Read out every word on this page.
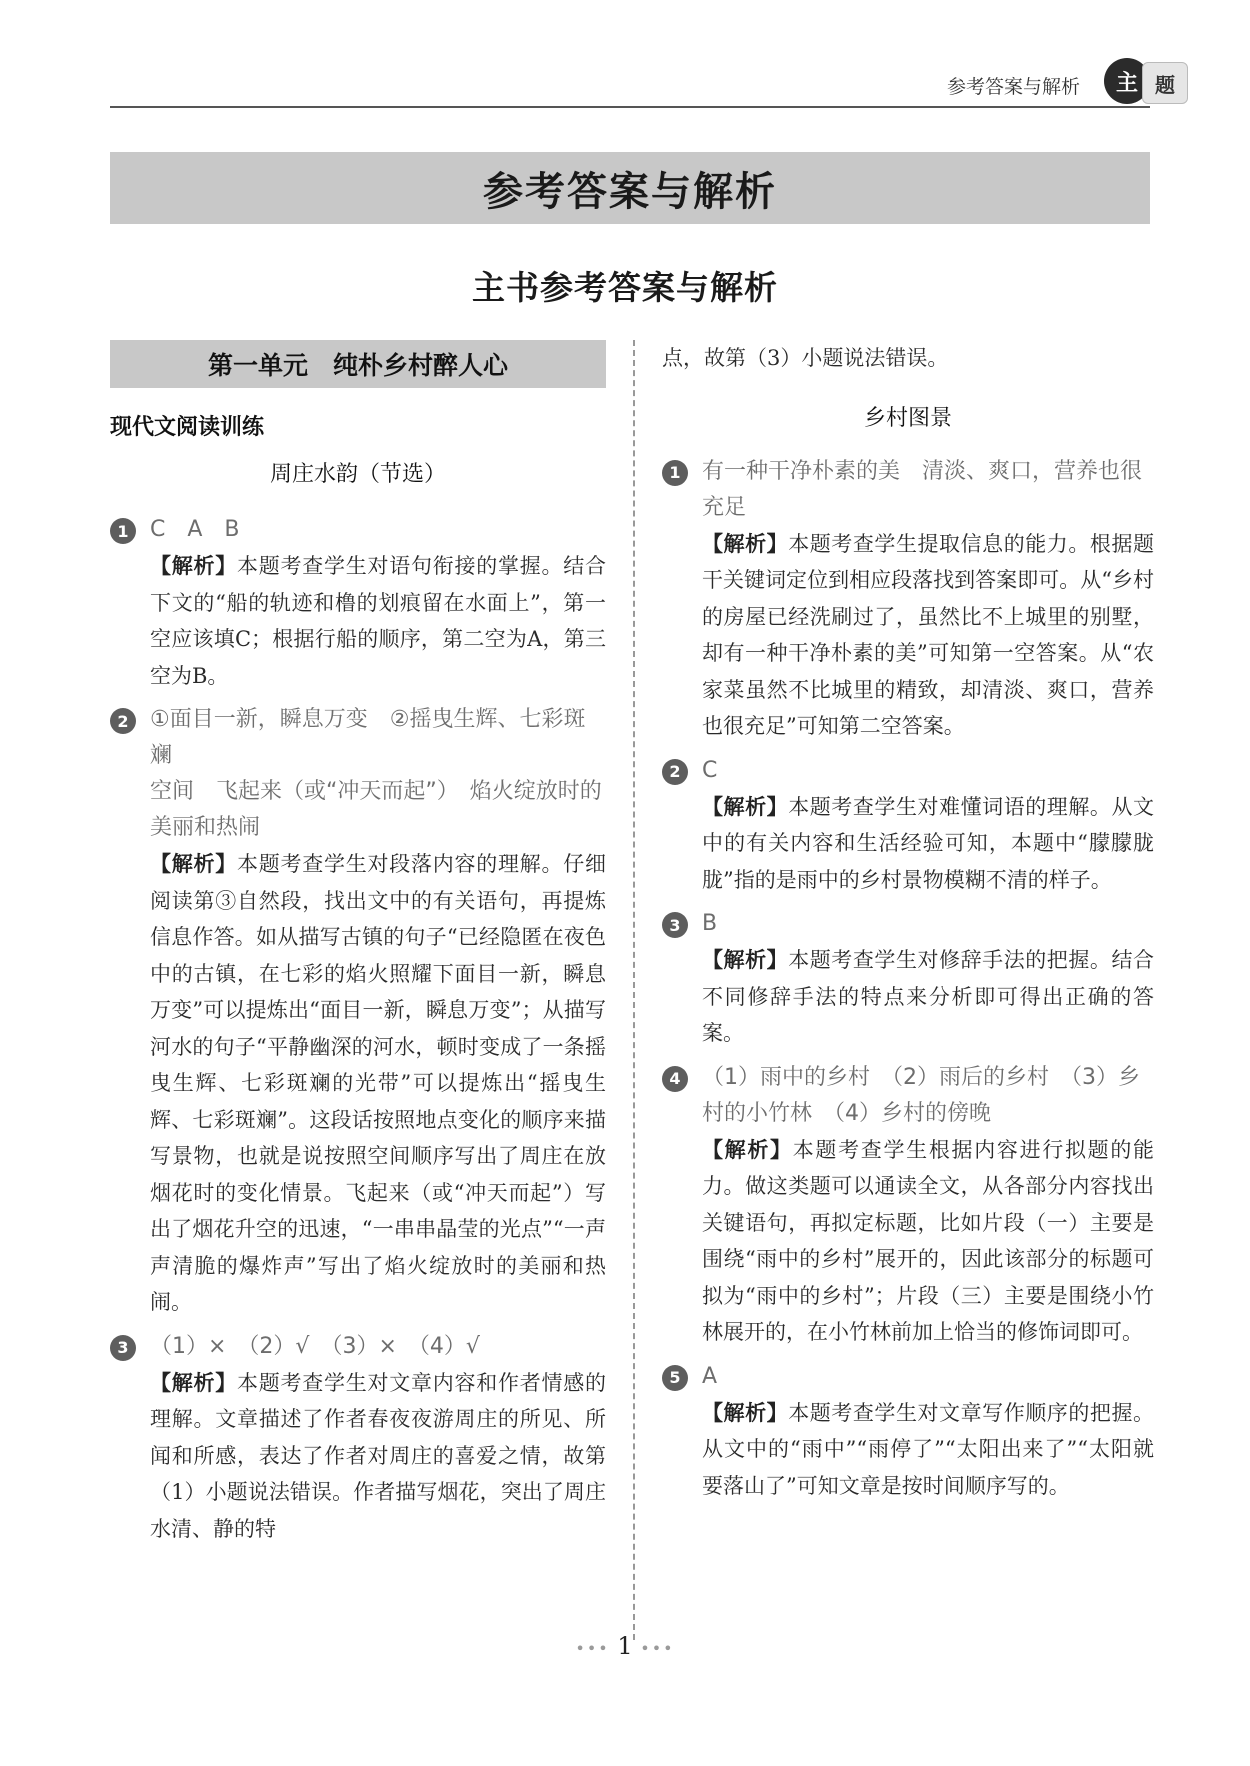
参考答案与解析	主 题
参考答案与解析
主书参考答案与解析
第一单元　纯朴乡村醉人心
现代文阅读训练
周庄水韵（节选）
1 C　A　B
【解析】本题考查学生对语句衔接的掌握。结合下文的“船的轨迹和橹的划痕留在水面上”，第一空应该填C；根据行船的顺序，第二空为A，第三空为B。
2 ①面目一新，瞬息万变　②摇曳生辉、七彩斑斓
空间　飞起来（或“冲天而起”）　焰火绽放时的美丽和热闹
【解析】本题考查学生对段落内容的理解。仔细阅读第③自然段，找出文中的有关语句，再提炼信息作答。如从描写古镇的句子“已经隐匿在夜色中的古镇，在七彩的焰火照耀下面目一新，瞬息万变”可以提炼出“面目一新，瞬息万变”；从描写河水的句子“平静幽深的河水，顿时变成了一条摇曳生辉、七彩斑斓的光带”可以提炼出“摇曳生辉、七彩斑斓”。这段话按照地点变化的顺序来描写景物，也就是说按照空间顺序写出了周庄在放烟花时的变化情景。飞起来（或“冲天而起”）写出了烟花升空的迅速，“一串串晶莹的光点”“一声声清脆的爆炸声”写出了焰火绽放时的美丽和热闹。
3 （1）×　（2）√　（3）×　（4）√
【解析】本题考查学生对文章内容和作者情感的理解。文章描述了作者春夜夜游周庄的所见、所闻和所感，表达了作者对周庄的喜爱之情，故第（1）小题说法错误。作者描写烟花，突出了周庄水清、静的特
点，故第（3）小题说法错误。
乡村图景
1 有一种干净朴素的美　清淡、爽口，营养也很充足
【解析】本题考查学生提取信息的能力。根据题干关键词定位到相应段落找到答案即可。从“乡村的房屋已经洗刷过了，虽然比不上城里的别墅，却有一种干净朴素的美”可知第一空答案。从“农家菜虽然不比城里的精致，却清淡、爽口，营养也很充足”可知第二空答案。
2 C
【解析】本题考查学生对难懂词语的理解。从文中的有关内容和生活经验可知，本题中“朦朦胧胧”指的是雨中的乡村景物模糊不清的样子。
3 B
【解析】本题考查学生对修辞手法的把握。结合不同修辞手法的特点来分析即可得出正确的答案。
4 （1）雨中的乡村　（2）雨后的乡村　（3）乡村的小竹林　（4）乡村的傍晚
【解析】本题考查学生根据内容进行拟题的能力。做这类题可以通读全文，从各部分内容找出关键语句，再拟定标题，比如片段（一）主要是围绕“雨中的乡村”展开的，因此该部分的标题可拟为“雨中的乡村”；片段（三）主要是围绕小竹林展开的，在小竹林前加上恰当的修饰词即可。
5 A
【解析】本题考查学生对文章写作顺序的把握。从文中的“雨中”“雨停了”“太阳出来了”“太阳就要落山了”可知文章是按时间顺序写的。
••• 1 •••
